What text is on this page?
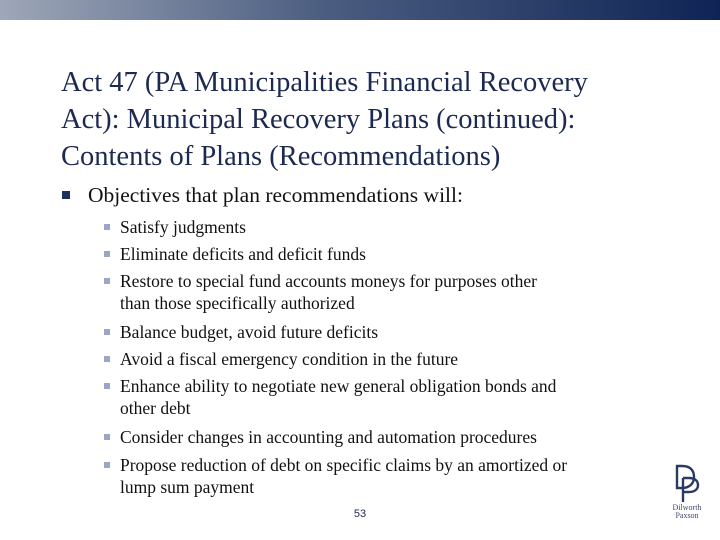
Act 47 (PA Municipalities Financial Recovery
Act): Municipal Recovery Plans (continued):
Contents of Plans (Recommendations)
Objectives that plan recommendations will:
Satisfy judgments
Eliminate deficits and deficit funds
Restore to special fund accounts moneys for purposes other
than those specifically authorized
Balance budget, avoid future deficits
Avoid a fiscal emergency condition in the future
Enhance ability to negotiate new general obligation bonds and
other debt
Consider changes in accounting and automation procedures
Propose reduction of debt on specific claims by an amortized or
lump sum payment
53
Dilworth
Paxson
